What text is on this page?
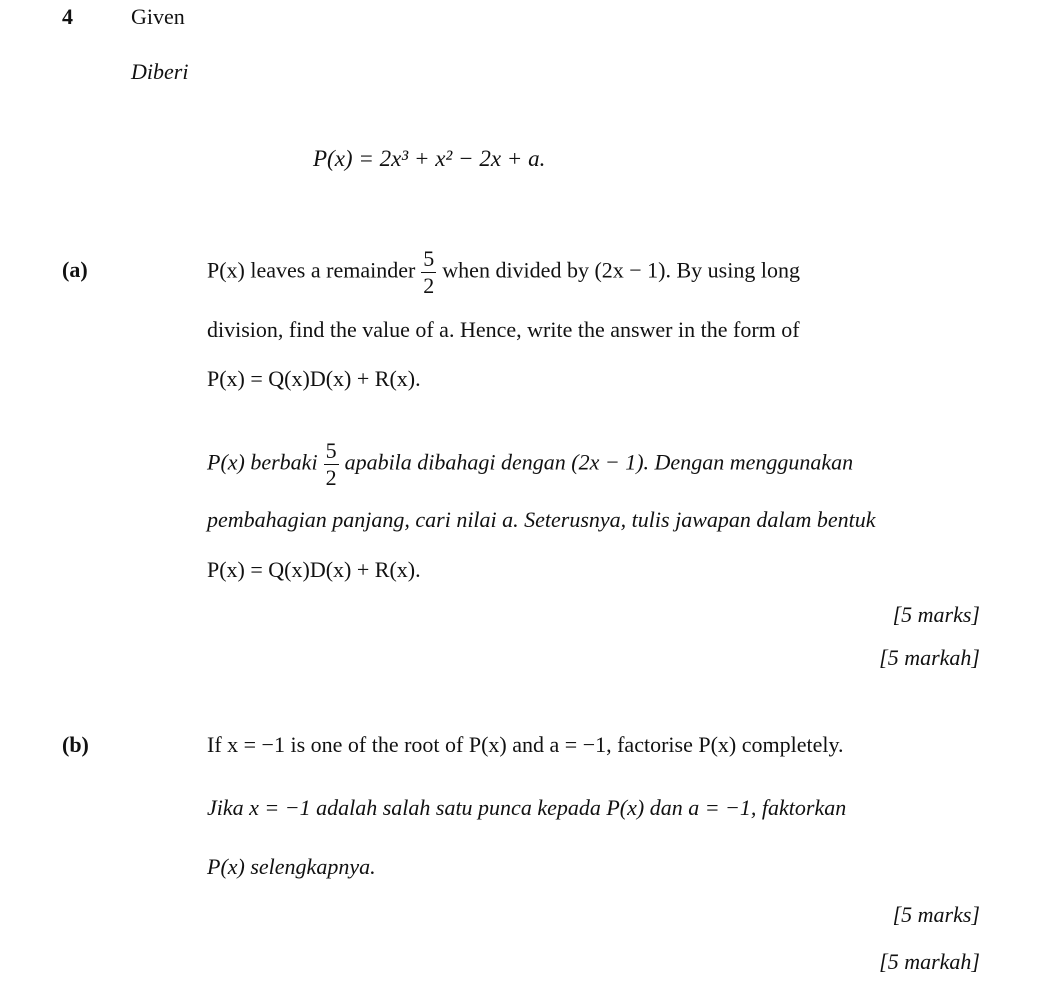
4	Given
Diberi
P(x) = 2x³ + x² − 2x + a.
(a)	P(x) leaves a remainder $\frac{5}{2}$ when divided by (2x − 1). By using long
division, find the value of a. Hence, write the answer in the form of
P(x) = Q(x)D(x) + R(x).
P(x) berbaki $\frac{5}{2}$ apabila dibahagi dengan (2x − 1). Dengan menggunakan
pembahagian panjang, cari nilai a. Seterusnya, tulis jawapan dalam bentuk
P(x) = Q(x)D(x) + R(x).
[5 marks]
[5 markah]
(b)	If x = −1 is one of the root of P(x) and a = −1, factorise P(x) completely.
Jika x = −1 adalah salah satu punca kepada P(x) dan a = −1, faktorkan
P(x) selengkapnya.
[5 marks]
[5 markah]
